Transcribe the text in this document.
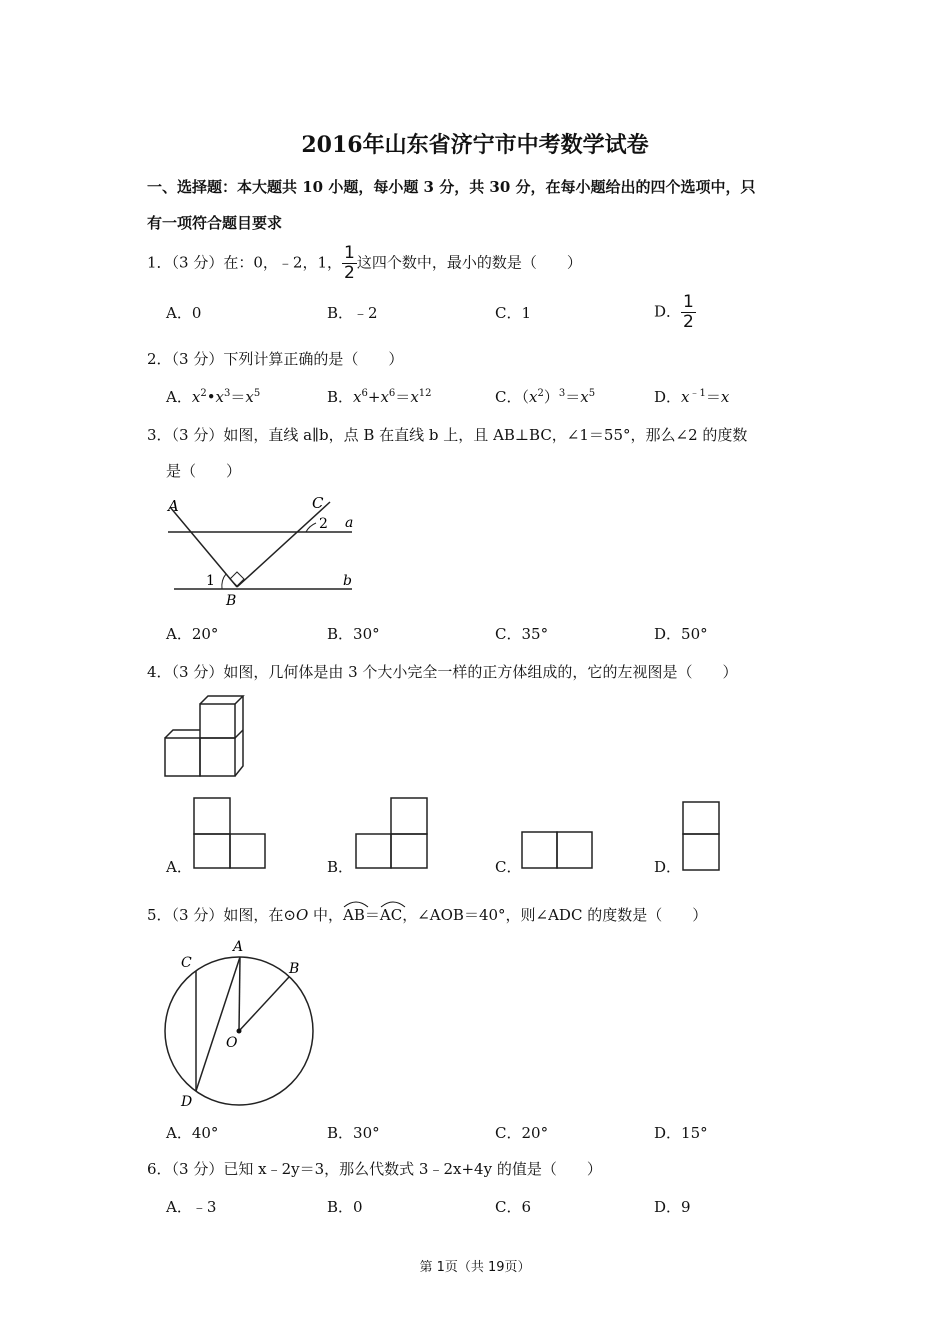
2016年山东省济宁市中考数学试卷
一、选择题：本大题共 10 小题，每小题 3 分，共 30 分，在每小题给出的四个选项中，只
有一项符合题目要求
1．（3 分）在：0，﹣2，1， $\frac{1}{2}$ 这四个数中，最小的数是（　　）
A．0	B．﹣2	C．1	D． $\frac{1}{2}$
2．（3 分）下列计算正确的是（　　）
A．$x^2•x^3=x^5$	B．$x^6+x^6=x^{12}$	C．$(x^2)^3=x^5$	D．$x^{﹣1}=x$
3．（3 分）如图，直线 a∥b，点 B 在直线 b 上，且 AB⊥BC，∠1＝55°，那么∠2 的度数
是（　　）
A	C
a
b
B
1
2
A．20°	B．30°	C．35°	D．50°
4．（3 分）如图，几何体是由 3 个大小完全一样的正方体组成的，它的左视图是（　　）
A．	B．	C．	D．
5．（3 分）如图，在⊙O 中，
AB＝
AC，∠AOB＝40°，则∠ADC 的度数是（　　）
A
B
C
D
O
A．40°	B．30°	C．20°	D．15°
6．（3 分）已知 x﹣2y＝3，那么代数式 3﹣2x+4y 的值是（　　）
A．﹣3	B．0	C．6	D．9
第 1页（共 19页）
